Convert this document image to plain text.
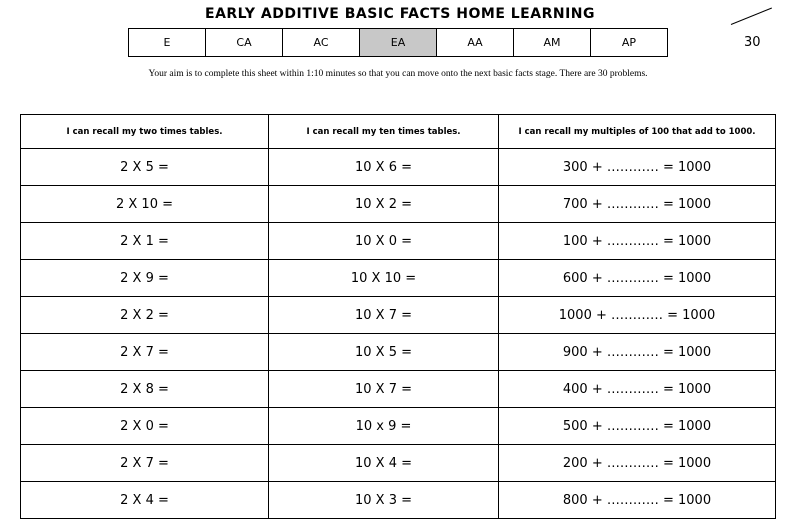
EARLY ADDITIVE BASIC FACTS HOME LEARNING
E	CA	AC	EA	AA	AM	AP	30
Your aim is to complete this sheet within 1:10 minutes so that you can move onto the next basic facts stage. There are 30 problems.
I can recall my two times tables.	I can recall my ten times tables.	I can recall my multiples of 100 that add to 1000.
2 X 5 =	10 X 6 =	300 + ………… = 1000
2 X 10 =	10 X 2 =	700 + ………… = 1000
2 X 1 =	10 X 0 =	100 + ………… = 1000
2 X 9 =	10 X 10 =	600 + ………… = 1000
2 X 2 =	10 X 7 =	1000 + ………… = 1000
2 X 7 =	10 X 5 =	900 + ………… = 1000
2 X 8 =	10 X 7 =	400 + ………… = 1000
2 X 0 =	10 x 9 =	500 + ………… = 1000
2 X 7 =	10 X 4 =	200 + ………… = 1000
2 X 4 =	10 X 3 =	800 + ………… = 1000
